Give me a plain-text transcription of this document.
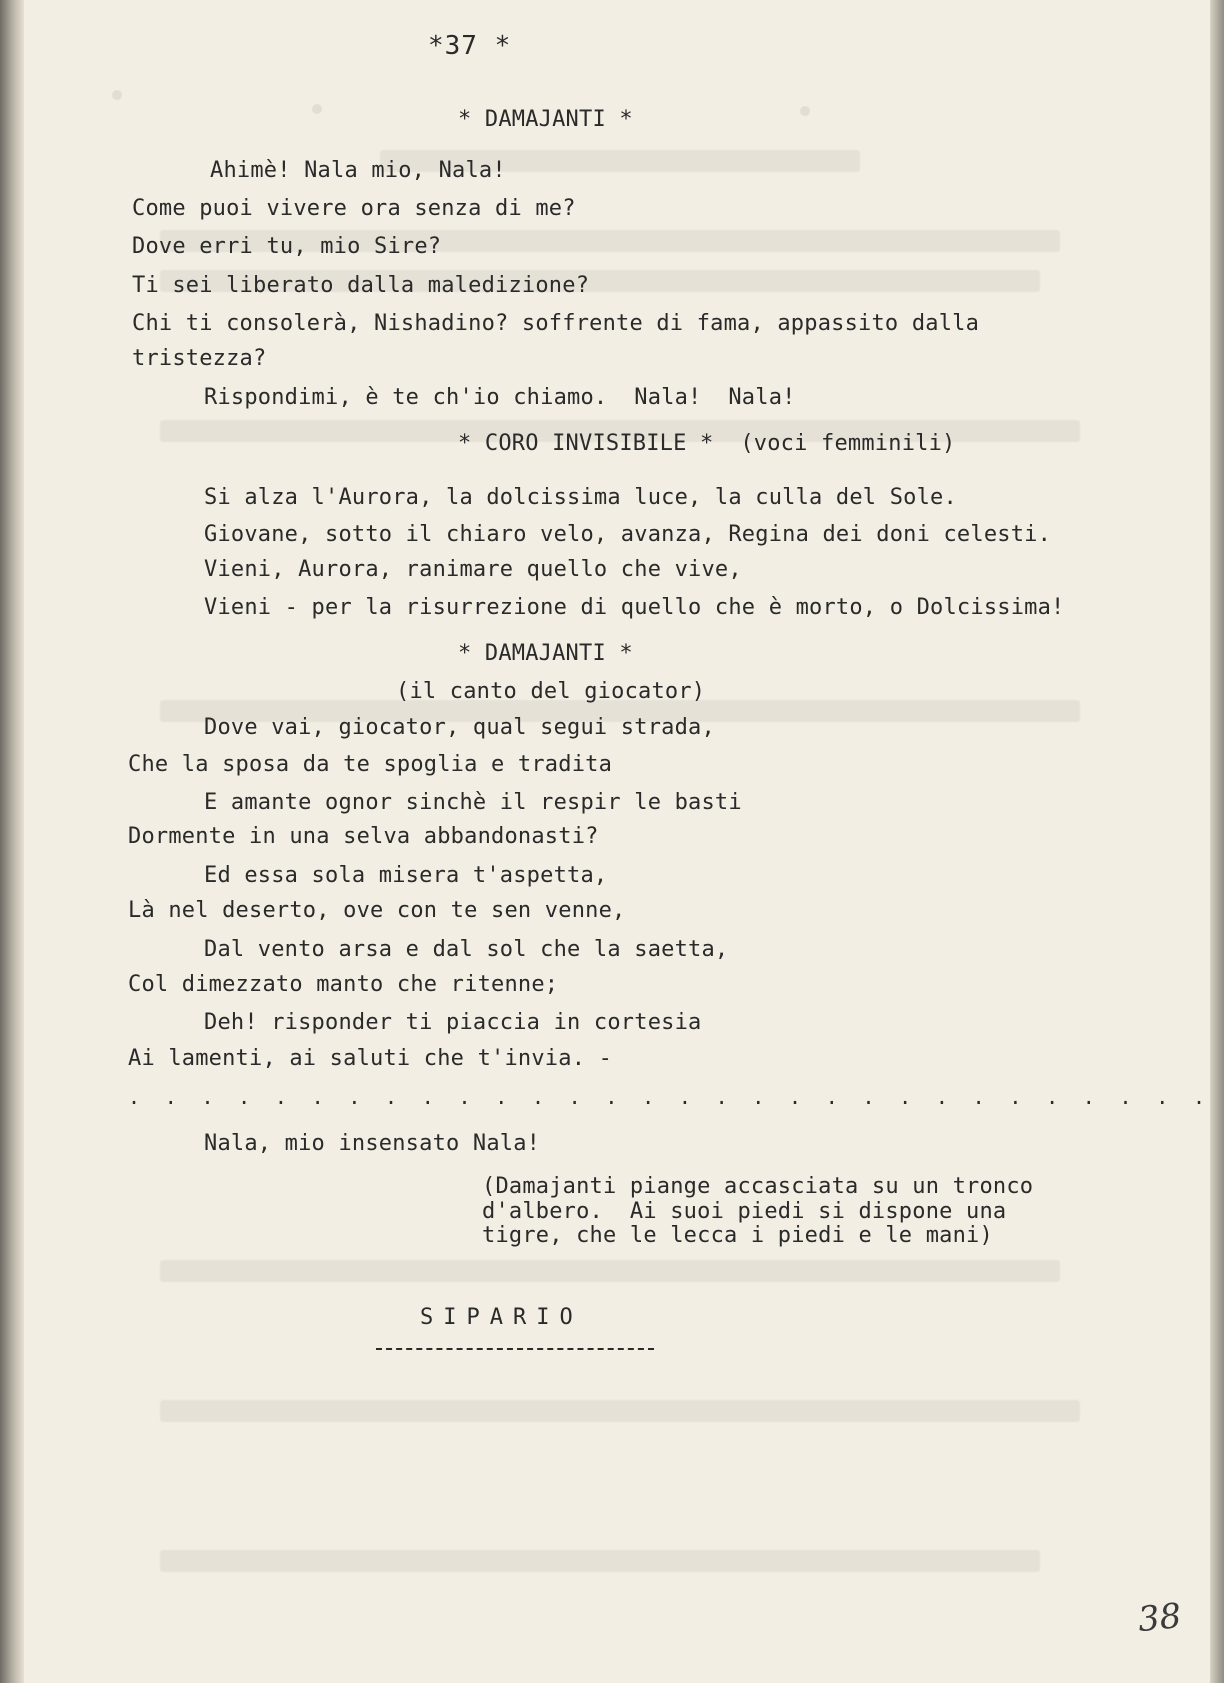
*37 *
* DAMAJANTI *
Ahimè! Nala mio, Nala!
Come puoi vivere ora senza di me?
Dove erri tu, mio Sire?
Ti sei liberato dalla maledizione?
Chi ti consolerà, Nishadino? soffrente di fama, appassito dalla
tristezza?
Rispondimi, è te ch'io chiamo.  Nala!  Nala!
* CORO INVISIBILE *  (voci femminili)
Si alza l'Aurora, la dolcissima luce, la culla del Sole.
Giovane, sotto il chiaro velo, avanza, Regina dei doni celesti.
Vieni, Aurora, ranimare quello che vive,
Vieni - per la risurrezione di quello che è morto, o Dolcissima!
* DAMAJANTI *
(il canto del giocator)
Dove vai, giocator, qual segui strada,
Che la sposa da te spoglia e tradita
E amante ognor sinchè il respir le basti
Dormente in una selva abbandonasti?
Ed essa sola misera t'aspetta,
Là nel deserto, ove con te sen venne,
Dal vento arsa e dal sol che la saetta,
Col dimezzato manto che ritenne;
Deh! risponder ti piaccia in cortesia
Ai lamenti, ai saluti che t'invia. -
.  .  .  .  .  .  .  .  .  .  .  .  .  .  .  .  .  .  .  .  .  .  .  .  .  .  .  .  .  .
Nala, mio insensato Nala!
(Damajanti piange accasciata su un tronco
d'albero.  Ai suoi piedi si dispone una
tigre, che le lecca i piedi e le mani)
SIPARIO
38
